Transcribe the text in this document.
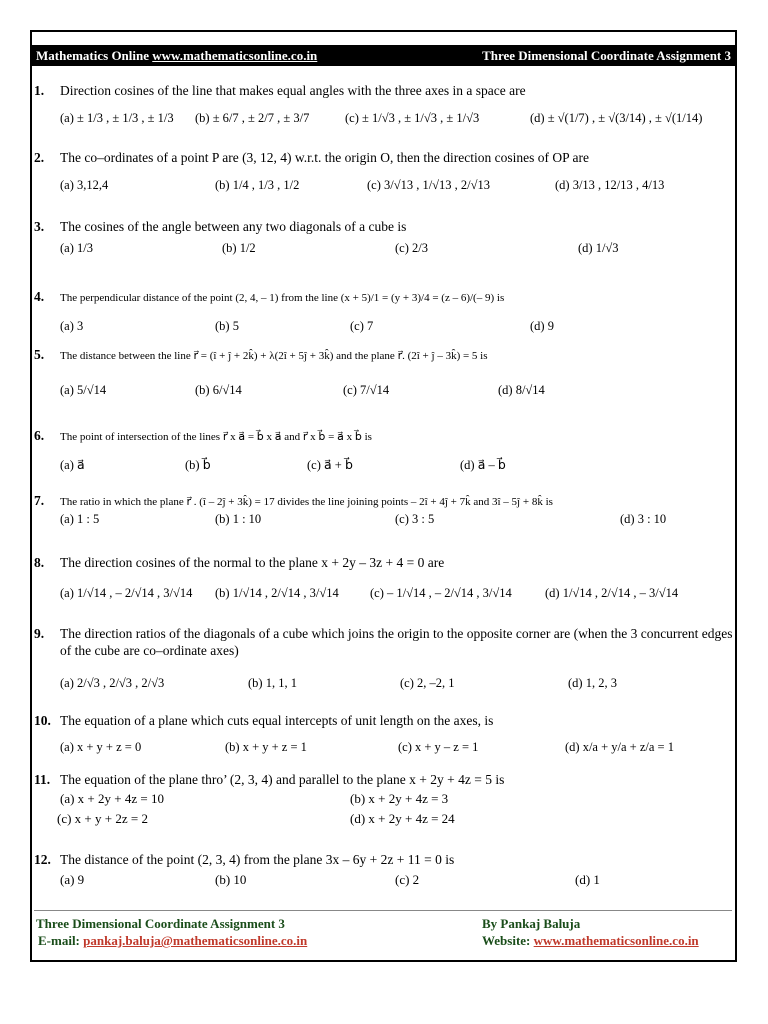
Mathematics Online www.mathematicsonline.co.in	Three Dimensional Coordinate Assignment 3
1. Direction cosines of the line that makes equal angles with the three axes in a space are
(a) ± 1/3 , ± 1/3 , ± 1/3 (b) ± 6/7 , ± 2/7 , ± 3/7	(c) ± 1/√3 , ± 1/√3 , ± 1/√3	(d) ± √(1/7) , ± √(3/14) , ± √(1/14)
2. The co–ordinates of a point P are (3, 12, 4) w.r.t. the origin O, then the direction cosines of OP are
(a) 3,12,4	(b) 1/4 , 1/3 , 1/2	(c) 3/√13 , 1/√13 , 2/√13	(d) 3/13 , 12/13 , 4/13
3. The cosines of the angle between any two diagonals of a cube is
(a) 1/3	(b) 1/2	(c) 2/3	(d) 1/√3
4. The perpendicular distance of the point (2, 4, – 1) from the line (x + 5)/1 = (y + 3)/4 = (z – 6)/(– 9) is
(a) 3	(b) 5	(c) 7	(d) 9
5. The distance between the line r⃗ = (î + ĵ + 2k̂) + λ(2î + 5ĵ + 3k̂) and the plane r⃗. (2î + ĵ – 3k̂) = 5 is
(a) 5/√14	(b) 6/√14	(c) 7/√14	(d) 8/√14
6. The point of intersection of the lines r⃗ x a⃗ = b⃗ x a⃗ and r⃗ x b⃗ = a⃗ x b⃗ is
(a) a⃗	(b) b⃗	(c) a⃗ + b⃗	(d) a⃗ – b⃗
7. The ratio in which the plane r⃗ . (î – 2ĵ + 3k̂) = 17 divides the line joining points – 2î + 4ĵ + 7k̂ and 3î – 5ĵ + 8k̂ is
(a) 1 : 5	(b) 1 : 10	(c) 3 : 5	(d) 3 : 10
8. The direction cosines of the normal to the plane x + 2y – 3z + 4 = 0 are
(a) 1/√14 , – 2/√14 , 3/√14 (b) 1/√14 , 2/√14 , 3/√14	(c) – 1/√14 , – 2/√14 , 3/√14	(d) 1/√14 , 2/√14 , – 3/√14
9.	The direction ratios of the diagonals of a cube which joins the origin to the opposite corner are (when the 3 concurrent edges of the cube are co–ordinate axes)
(a) 2/√3 , 2/√3 , 2/√3	(b) 1, 1, 1	(c) 2, –2, 1	(d) 1, 2, 3
10. The equation of a plane which cuts equal intercepts of unit length on the axes, is
(a) x + y + z = 0	(b) x + y + z = 1	(c) x + y – z = 1	(d) x/a + y/a + z/a = 1
11. The equation of the plane thro’ (2, 3, 4) and parallel to the plane x + 2y + 4z = 5 is
(a) x + 2y + 4z = 10	(b) x + 2y + 4z = 3
(c) x + y + 2z = 2	(d) x + 2y + 4z = 24
12. The distance of the point (2, 3, 4) from the plane 3x – 6y + 2z + 11 = 0 is
(a) 9	(b) 10	(c) 2	(d) 1
Three Dimensional Coordinate Assignment 3	By Pankaj Baluja
E-mail: pankaj.baluja@mathematicsonline.co.in	Website: www.mathematicsonline.co.in
